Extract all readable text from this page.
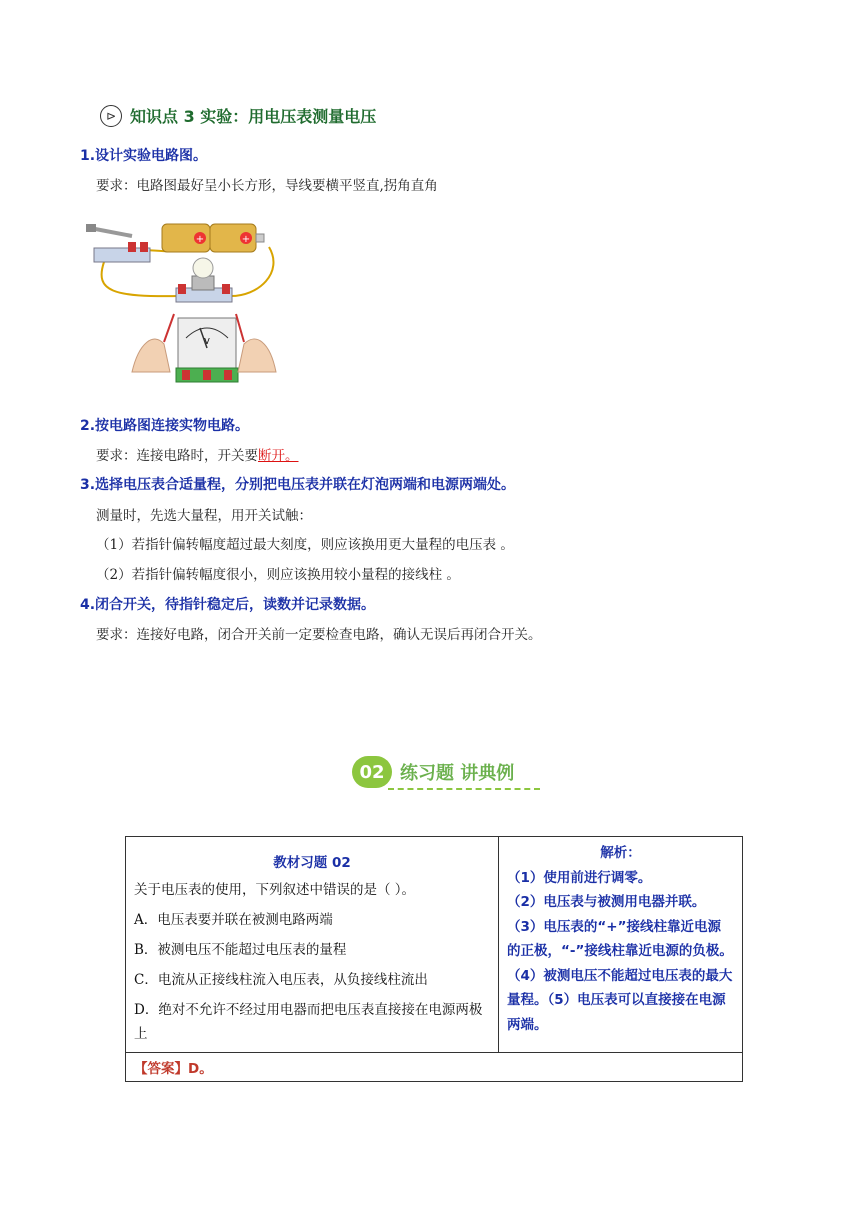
⊳ 知识点 3 实验：用电压表测量电压
1.设计实验电路图。
要求：电路图最好呈小长方形，导线要横平竖直,拐角直角
+	+
V
2.按电路图连接实物电路。
要求：连接电路时，开关要断开。
3.选择电压表合适量程，分别把电压表并联在灯泡两端和电源两端处。
测量时，先选大量程，用开关试触：
（1）若指针偏转幅度超过最大刻度，则应该换用更大量程的电压表 。
（2）若指针偏转幅度很小，则应该换用较小量程的接线柱 。
4.闭合开关，待指针稳定后，读数并记录数据。
要求：连接好电路，闭合开关前一定要检查电路，确认无误后再闭合开关。
02 练习题 讲典例
教材习题 02
关于电压表的使用，下列叙述中错误的是（ ）。
A．电压表要并联在被测电路两端
B．被测电压不能超过电压表的量程
C．电流从正接线柱流入电压表，从负接线柱流出
D．绝对不允许不经过用电器而把电压表直接接在电源两极上

解析：
（1）使用前进行调零。
（2）电压表与被测用电器并联。
（3）电压表的“+”接线柱靠近电源的正极，“-”接线柱靠近电源的负极。
（4）被测电压不能超过电压表的最大量程。（5）电压表可以直接接在电源两端。

【答案】D。
